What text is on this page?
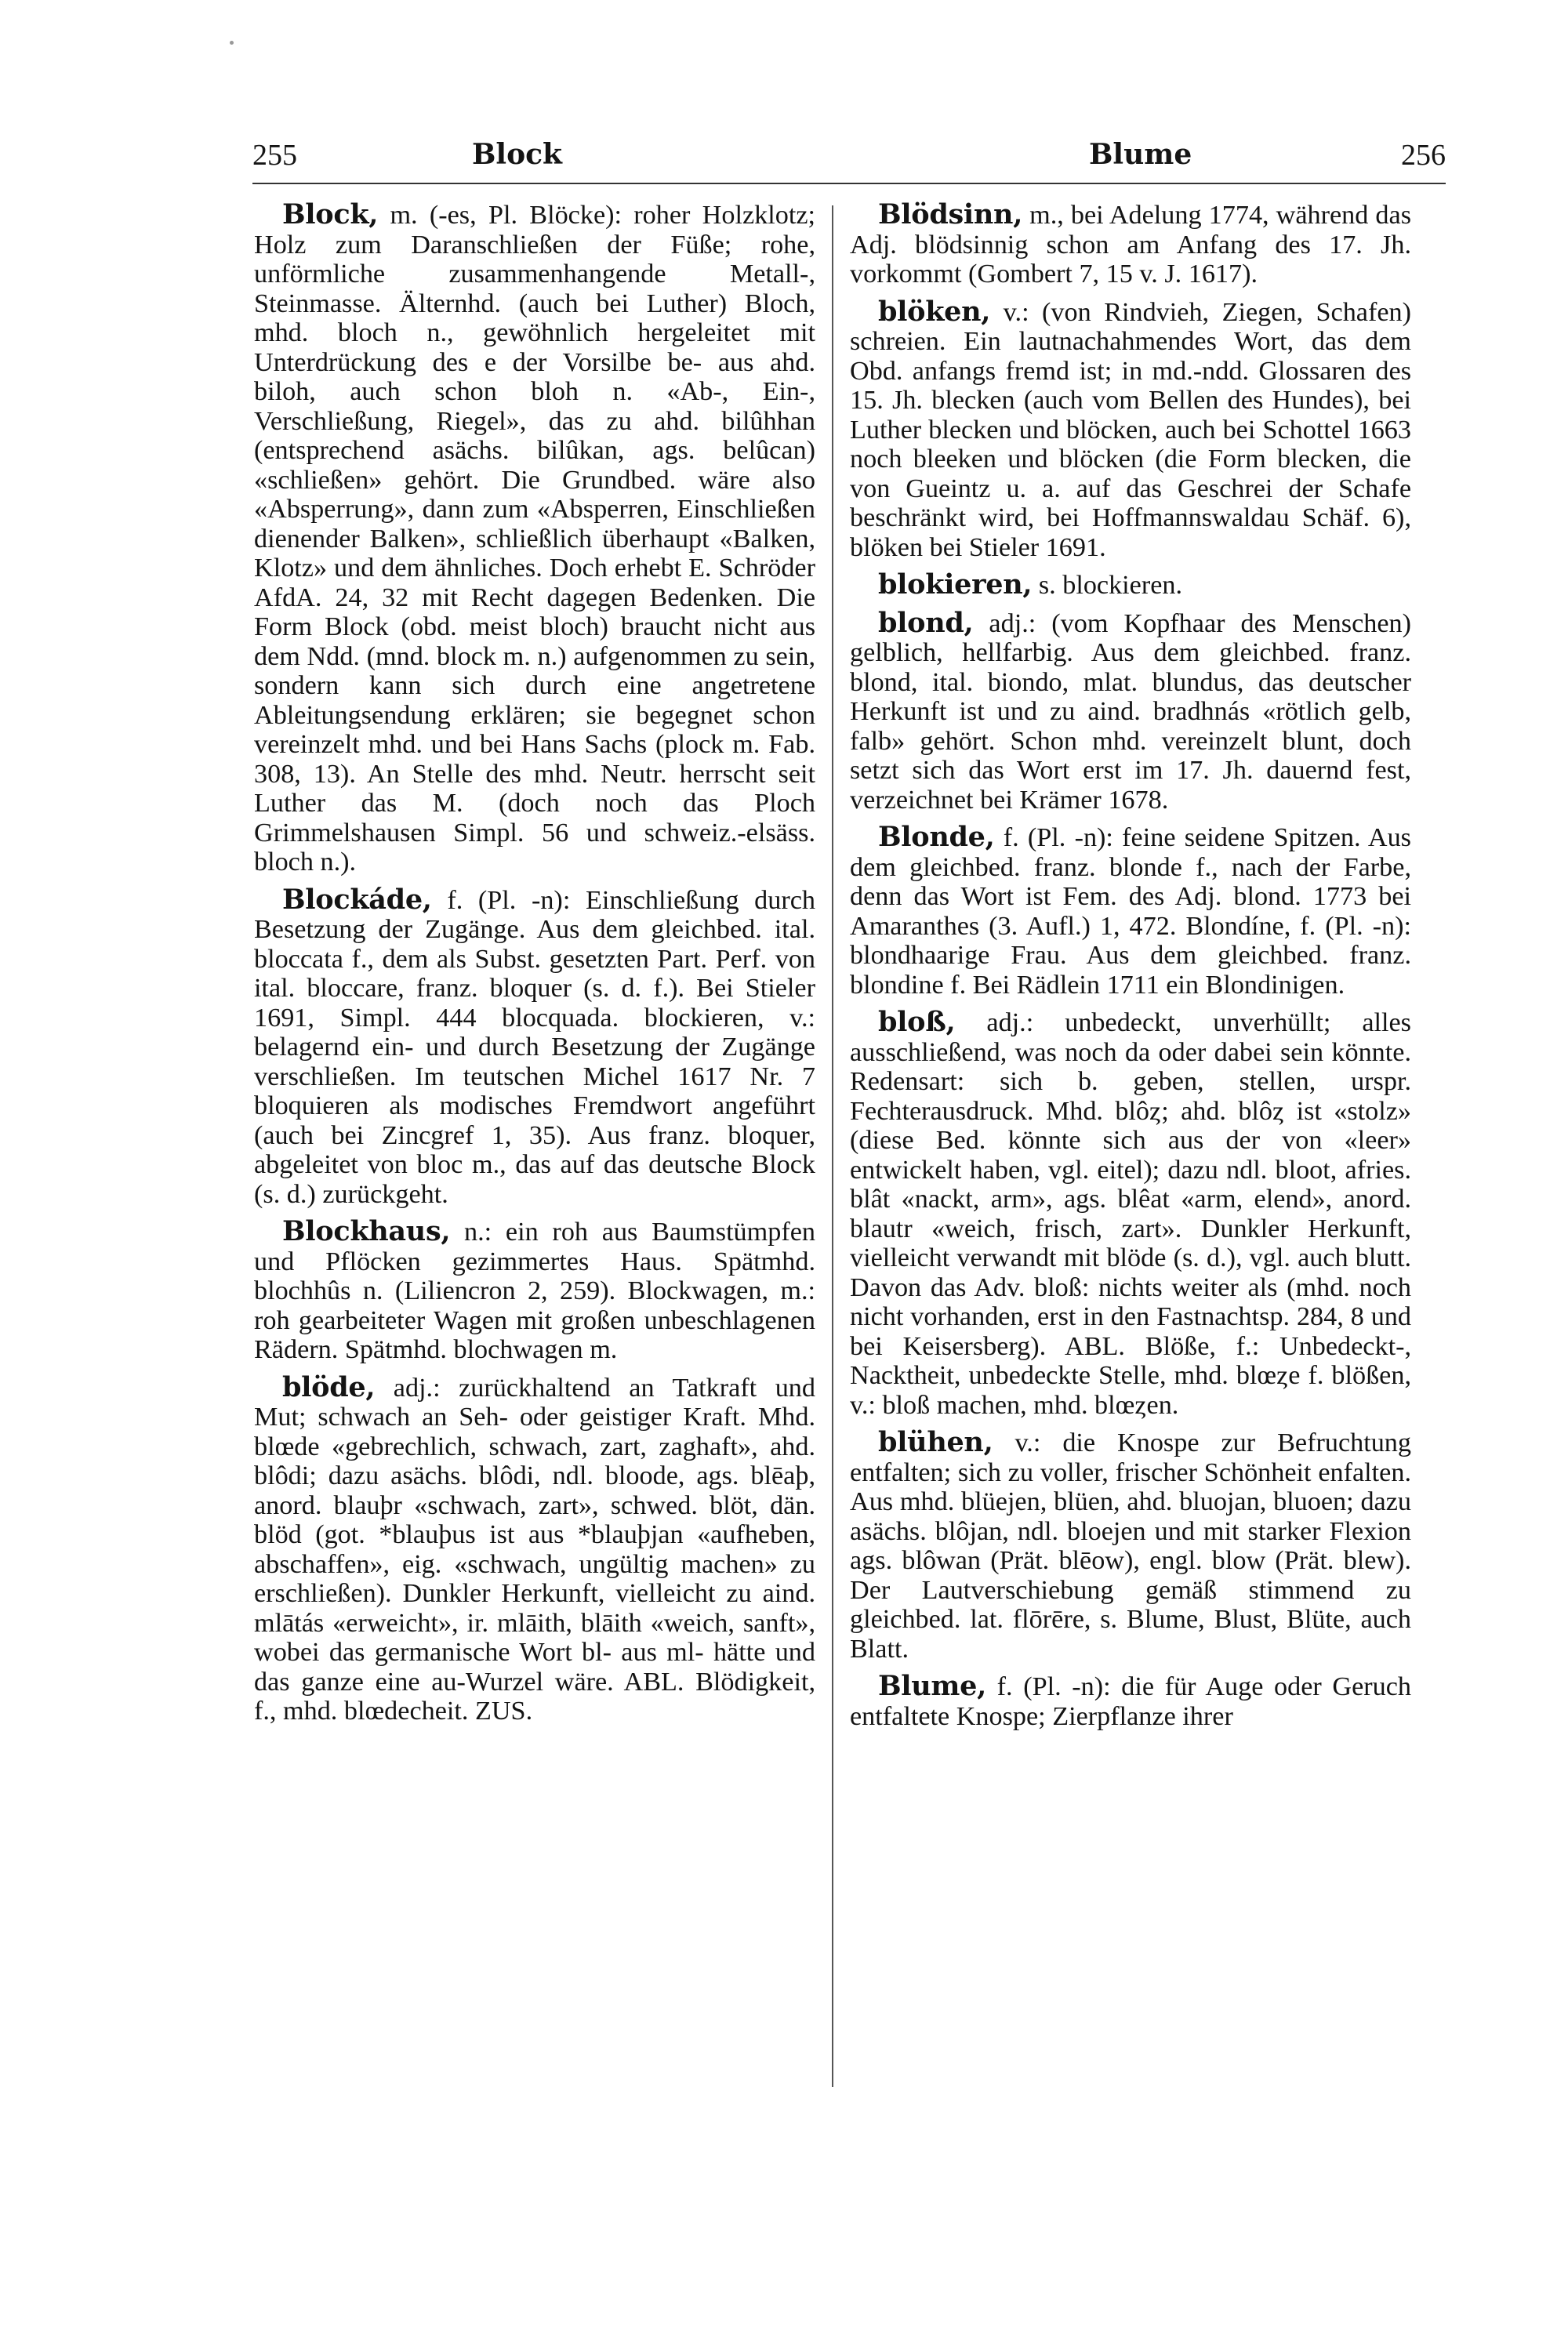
255	Block	Blume	256

Block, m. (-es, Pl. Blöcke): roher Holzklotz; Holz zum Daranschließen der Füße; rohe, unförmliche zusammenhangende Metall-, Steinmasse. Älternhd. (auch bei Luther) Bloch, mhd. bloch n., gewöhnlich hergeleitet mit Unterdrückung des e der Vorsilbe be- aus ahd. biloh, auch schon bloh n. «Ab-, Ein-, Verschließung, Riegel», das zu ahd. bilûhhan (entsprechend asächs. bilûkan, ags. belûcan) «schließen» gehört. Die Grundbed. wäre also «Absperrung», dann zum «Absperren, Einschließen dienender Balken», schließlich überhaupt «Balken, Klotz» und dem ähnliches. Doch erhebt E. Schröder AfdA. 24, 32 mit Recht dagegen Bedenken. Die Form Block (obd. meist bloch) braucht nicht aus dem Ndd. (mnd. block m. n.) aufgenommen zu sein, sondern kann sich durch eine angetretene Ableitungsendung erklären; sie begegnet schon vereinzelt mhd. und bei Hans Sachs (plock m. Fab. 308, 13). An Stelle des mhd. Neutr. herrscht seit Luther das M. (doch noch das Ploch Grimmelshausen Simpl. 56 und schweiz.-elsäss. bloch n.).

Blockáde, f. (Pl. -n): Einschließung durch Besetzung der Zugänge. Aus dem gleichbed. ital. bloccata f., dem als Subst. gesetzten Part. Perf. von ital. bloccare, franz. bloquer (s. d. f.). Bei Stieler 1691, Simpl. 444 blocquada. blockieren, v.: belagernd ein- und durch Besetzung der Zugänge verschließen. Im teutschen Michel 1617 Nr. 7 bloquieren als modisches Fremdwort angeführt (auch bei Zincgref 1, 35). Aus franz. bloquer, abgeleitet von bloc m., das auf das deutsche Block (s. d.) zurückgeht.

Blockhaus, n.: ein roh aus Baumstümpfen und Pflöcken gezimmertes Haus. Spätmhd. blochhûs n. (Liliencron 2, 259). Blockwagen, m.: roh gearbeiteter Wagen mit großen unbeschlagenen Rädern. Spätmhd. blochwagen m.

blöde, adj.: zurückhaltend an Tatkraft und Mut; schwach an Seh- oder geistiger Kraft. Mhd. blœde «gebrechlich, schwach, zart, zaghaft», ahd. blôdi; dazu asächs. blôdi, ndl. bloode, ags. blēaþ, anord. blauþr «schwach, zart», schwed. blöt, dän. blöd (got. *blauþus ist aus *blauþjan «aufheben, abschaffen», eig. «schwach, ungültig machen» zu erschließen). Dunkler Herkunft, vielleicht zu aind. mlātás «erweicht», ir. mlāith, blāith «weich, sanft», wobei das germanische Wort bl- aus ml- hätte und das ganze eine au-Wurzel wäre. ABL. Blödigkeit, f., mhd. blœdecheit. ZUS.

Blödsinn, m., bei Adelung 1774, während das Adj. blödsinnig schon am Anfang des 17. Jh. vorkommt (Gombert 7, 15 v. J. 1617).

blöken, v.: (von Rindvieh, Ziegen, Schafen) schreien. Ein lautnachahmendes Wort, das dem Obd. anfangs fremd ist; in md.-ndd. Glossaren des 15. Jh. blecken (auch vom Bellen des Hundes), bei Luther blecken und blöcken, auch bei Schottel 1663 noch bleeken und blöcken (die Form blecken, die von Gueintz u. a. auf das Geschrei der Schafe beschränkt wird, bei Hoffmannswaldau Schäf. 6), blöken bei Stieler 1691.

blokieren, s. blockieren.

blond, adj.: (vom Kopfhaar des Menschen) gelblich, hellfarbig. Aus dem gleichbed. franz. blond, ital. biondo, mlat. blundus, das deutscher Herkunft ist und zu aind. bradhnás «rötlich gelb, falb» gehört. Schon mhd. vereinzelt blunt, doch setzt sich das Wort erst im 17. Jh. dauernd fest, verzeichnet bei Krämer 1678.

Blonde, f. (Pl. -n): feine seidene Spitzen. Aus dem gleichbed. franz. blonde f., nach der Farbe, denn das Wort ist Fem. des Adj. blond. 1773 bei Amaranthes (3. Aufl.) 1, 472. Blondíne, f. (Pl. -n): blondhaarige Frau. Aus dem gleichbed. franz. blondine f. Bei Rädlein 1711 ein Blondinigen.

bloß, adj.: unbedeckt, unverhüllt; alles ausschließend, was noch da oder dabei sein könnte. Redensart: sich b. geben, stellen, urspr. Fechterausdruck. Mhd. blôȥ; ahd. blôȥ ist «stolz» (diese Bed. könnte sich aus der von «leer» entwickelt haben, vgl. eitel); dazu ndl. bloot, afries. blât «nackt, arm», ags. blêat «arm, elend», anord. blautr «weich, frisch, zart». Dunkler Herkunft, vielleicht verwandt mit blöde (s. d.), vgl. auch blutt. Davon das Adv. bloß: nichts weiter als (mhd. noch nicht vorhanden, erst in den Fastnachtsp. 284, 8 und bei Keisersberg). ABL. Blöße, f.: Unbedeckt-, Nacktheit, unbedeckte Stelle, mhd. blœȥe f. blößen, v.: bloß machen, mhd. blœȥen.

blühen, v.: die Knospe zur Befruchtung entfalten; sich zu voller, frischer Schönheit enfalten. Aus mhd. blüejen, blüen, ahd. bluojan, bluoen; dazu asächs. blôjan, ndl. bloejen und mit starker Flexion ags. blôwan (Prät. blēow), engl. blow (Prät. blew). Der Lautverschiebung gemäß stimmend zu gleichbed. lat. flōrēre, s. Blume, Blust, Blüte, auch Blatt.

Blume, f. (Pl. -n): die für Auge oder Geruch entfaltete Knospe; Zierpflanze ihrer
